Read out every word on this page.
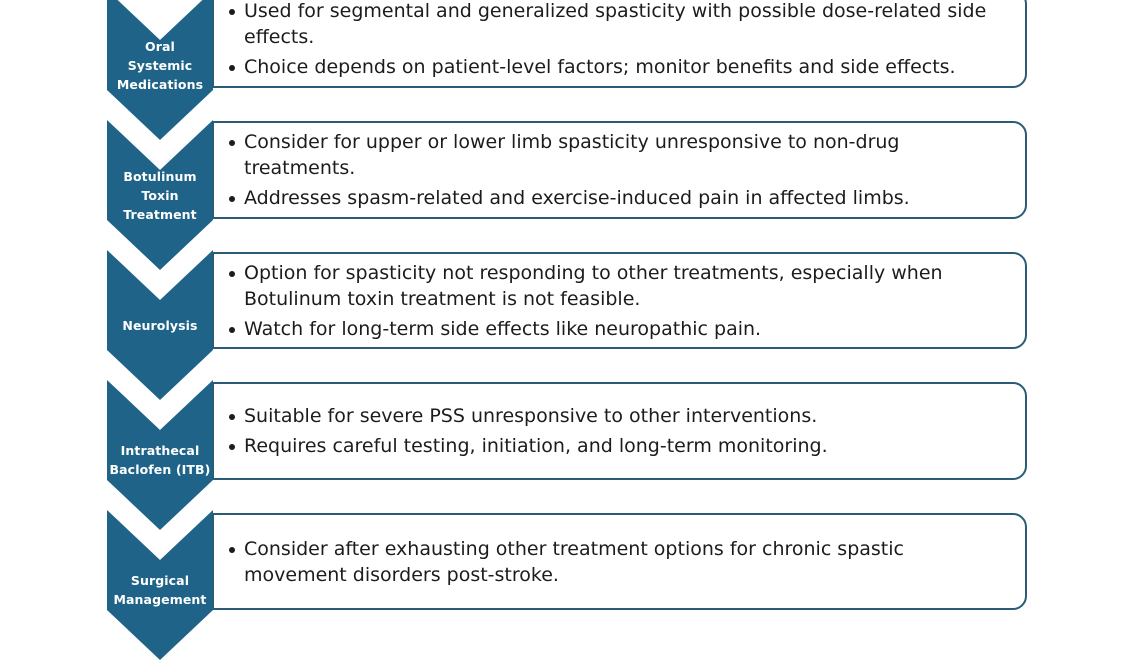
Oral
Systemic
Medications
Used for segmental and generalized spasticity with possible dose-related side effects.
Choice depends on patient-level factors; monitor benefits and side effects.
Botulinum
Toxin
Treatment
Consider for upper or lower limb spasticity unresponsive to non-drug treatments.
Addresses spasm-related and exercise-induced pain in affected limbs.
Neurolysis
Option for spasticity not responding to other treatments, especially when Botulinum toxin treatment is not feasible.
Watch for long-term side effects like neuropathic pain.
Intrathecal
Baclofen (ITB)
Suitable for severe PSS unresponsive to other interventions.
Requires careful testing, initiation, and long-term monitoring.
Surgical
Management
Consider after exhausting other treatment options for chronic spastic movement disorders post-stroke.
